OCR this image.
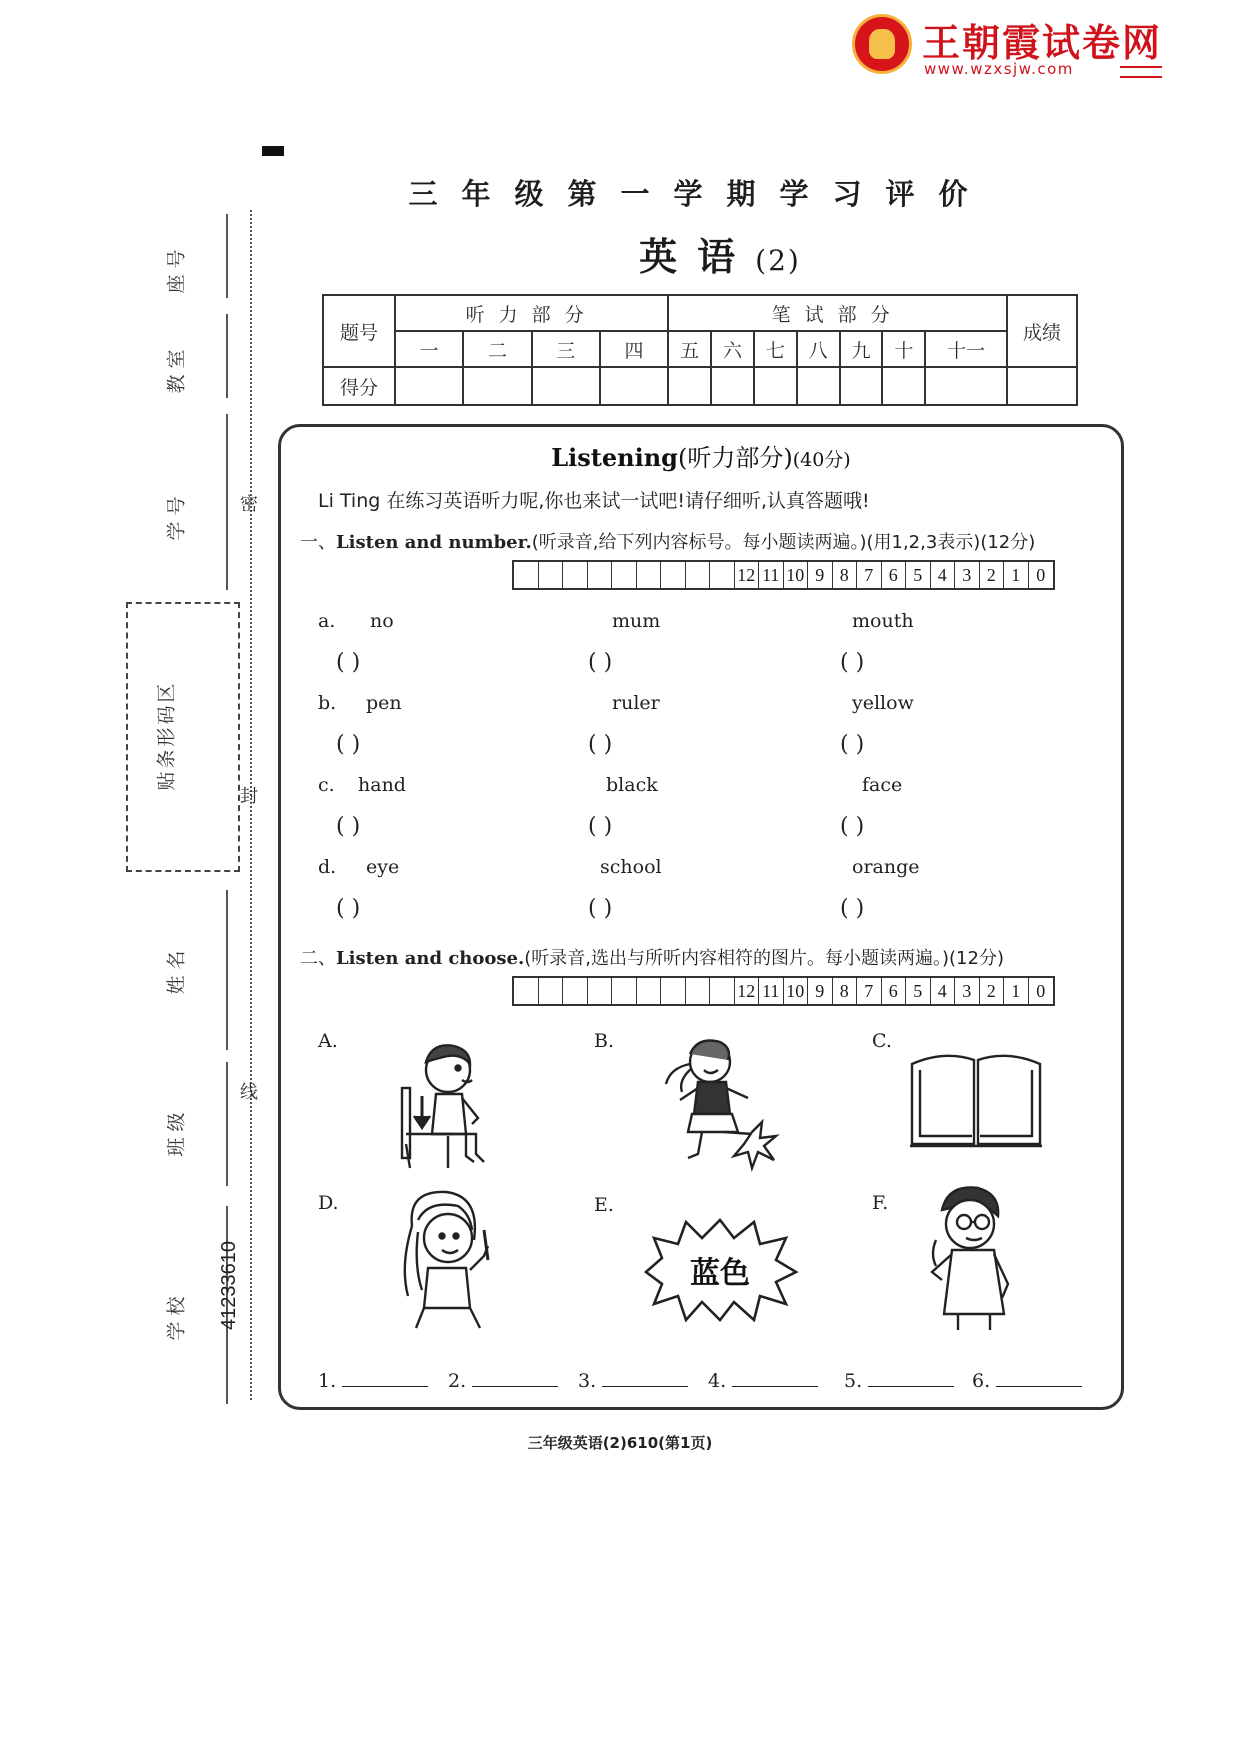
王朝霞试卷网
www.wzxsjw.com
座号
教室
学号
姓名
班级
学校
密
封
线
贴条形码区
41233610
三年级第一学期学习评价
英语(2)
题号	听力部分				笔试部分							成绩
	一	二	三	四	五	六	七	八	九	十	十一	
得分												
Listening(听力部分)(40分)
Li Ting 在练习英语听力呢,你也来试一试吧!请仔细听,认真答题哦!
一、Listen and number.(听录音,给下列内容标号。每小题读两遍。)(用1,2,3表示)(12分)
12 11 10 9 8 7 6 5 4 3 2 1 0
a. no	mum	mouth
( )	( )	( )
b. pen	ruler	yellow
( )	( )	( )
c. hand	black	face
( )	( )	( )
d. eye	school	orange
( )	( )	( )
二、Listen and choose.(听录音,选出与所听内容相符的图片。每小题读两遍。)(12分)
12 11 10 9 8 7 6 5 4 3 2 1 0
A.	B.	C.
D.	E.	F.
蓝色
1.	2.	3.	4.	5.	6.
三年级英语(2)610(第1页)
